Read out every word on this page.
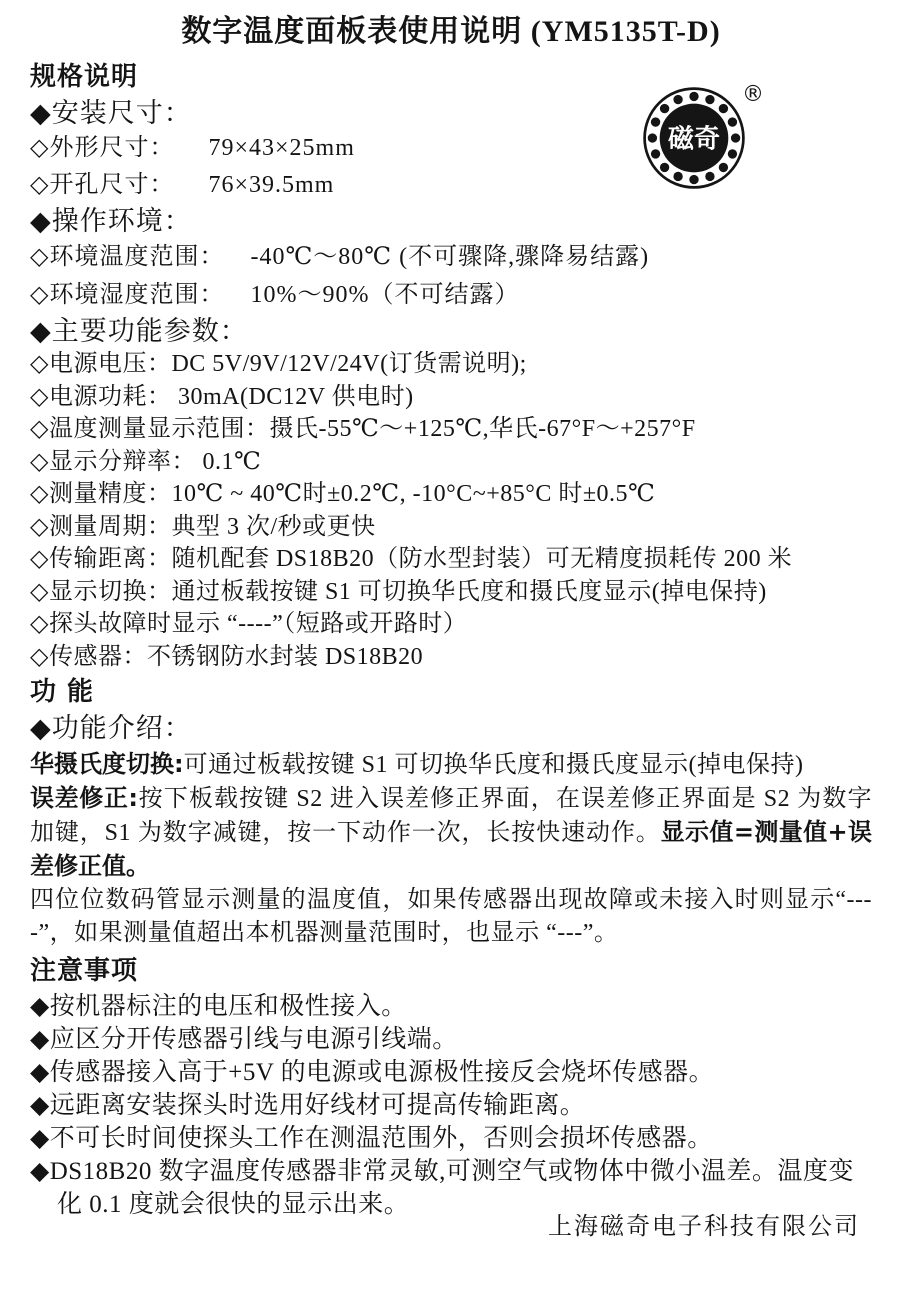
数字温度面板表使用说明 (YM5135T-D)
磁奇
®
规格说明
◆安装尺寸：
◇外形尺寸： 79×43×25mm
◇开孔尺寸： 76×39.5mm
◆操作环境：
◇环境温度范围： -40℃～80℃ (不可骤降,骤降易结露)
◇环境湿度范围： 10%～90%（不可结露）
◆主要功能参数：
◇电源电压：DC 5V/9V/12V/24V(订货需说明);
◇电源功耗： 30mA(DC12V 供电时)
◇温度测量显示范围：摄氏-55℃～+125℃,华氏-67°F～+257°F
◇显示分辩率： 0.1℃
◇测量精度：10℃ ~ 40℃时±0.2℃, -10°C~+85°C 时±0.5℃
◇测量周期：典型 3 次/秒或更快
◇传输距离：随机配套 DS18B20（防水型封装）可无精度损耗传 200 米
◇显示切换：通过板载按键 S1 可切换华氏度和摄氏度显示(掉电保持)
◇探头故障时显示 “----”（短路或开路时）
◇传感器：不锈钢防水封装 DS18B20
功 能
◆功能介绍：

华摄氏度切换:可通过板载按键 S1 可切换华氏度和摄氏度显示(掉电保持)

误差修正:按下板载按键 S2 进入误差修正界面，在误差修正界面是 S2 为数字加键，S1 为数字减键，按一下动作一次，长按快速动作。显示值=测量值+误差修正值。

四位位数码管显示测量的温度值，如果传感器出现故障或未接入时则显示“----”，如果测量值超出本机器测量范围时，也显示 “---”。

注意事项
◆按机器标注的电压和极性接入。
◆应区分开传感器引线与电源引线端。
◆传感器接入高于+5V 的电源或电源极性接反会烧坏传感器。
◆远距离安装探头时选用好线材可提高传输距离。
◆不可长时间使探头工作在测温范围外，否则会损坏传感器。
◆DS18B20 数字温度传感器非常灵敏,可测空气或物体中微小温差。温度变化 0.1 度就会很快的显示出来。
上海磁奇电子科技有限公司
